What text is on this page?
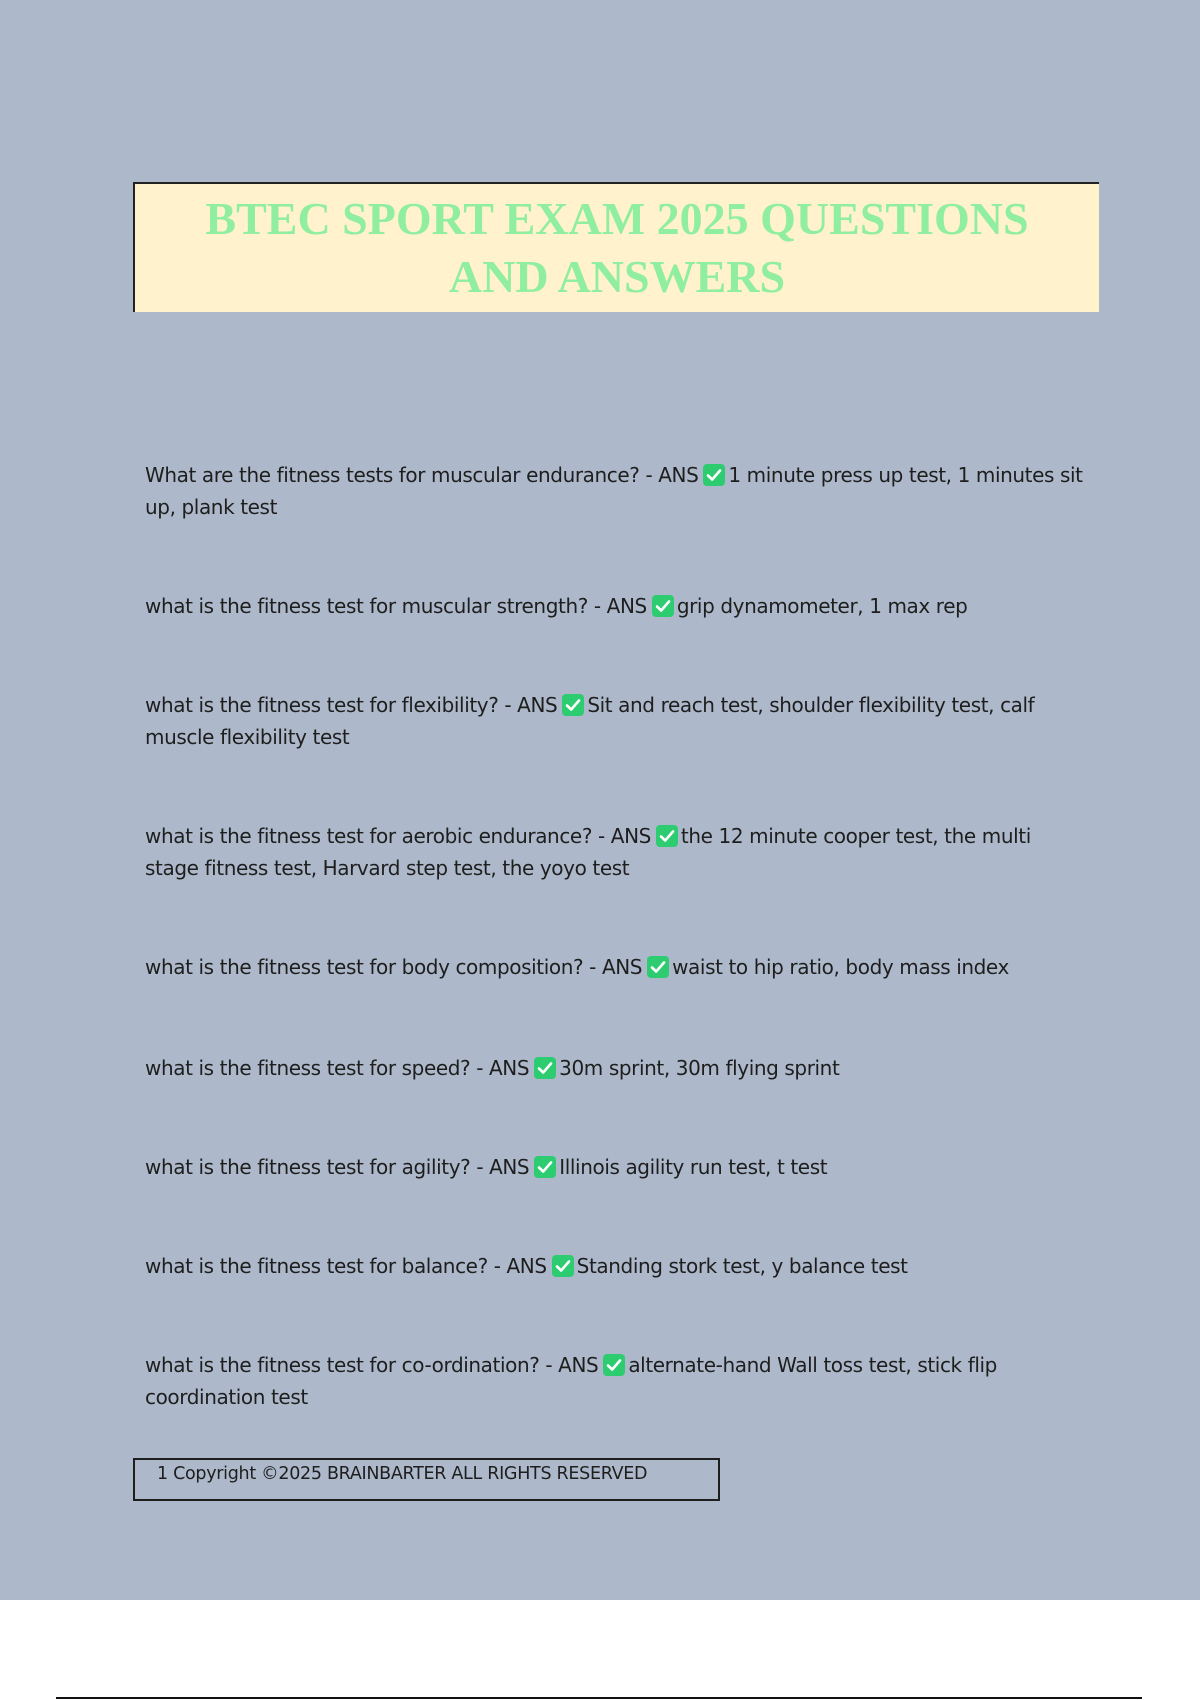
BTEC SPORT EXAM 2025 QUESTIONS AND ANSWERS
What are the fitness tests for muscular endurance? - ANS 1 minute press up test, 1 minutes sit up, plank test
what is the fitness test for muscular strength? - ANS grip dynamometer, 1 max rep
what is the fitness test for flexibility? - ANS Sit and reach test, shoulder flexibility test, calf muscle flexibility test
what is the fitness test for aerobic endurance? - ANS the 12 minute cooper test, the multi stage fitness test, Harvard step test, the yoyo test
what is the fitness test for body composition? - ANS waist to hip ratio, body mass index
what is the fitness test for speed? - ANS 30m sprint, 30m flying sprint
what is the fitness test for agility? - ANS Illinois agility run test, t test
what is the fitness test for balance? - ANS Standing stork test, y balance test
what is the fitness test for co-ordination? - ANS alternate-hand Wall toss test, stick flip coordination test
1 Copyright ©2025 BRAINBARTER ALL RIGHTS RESERVED
